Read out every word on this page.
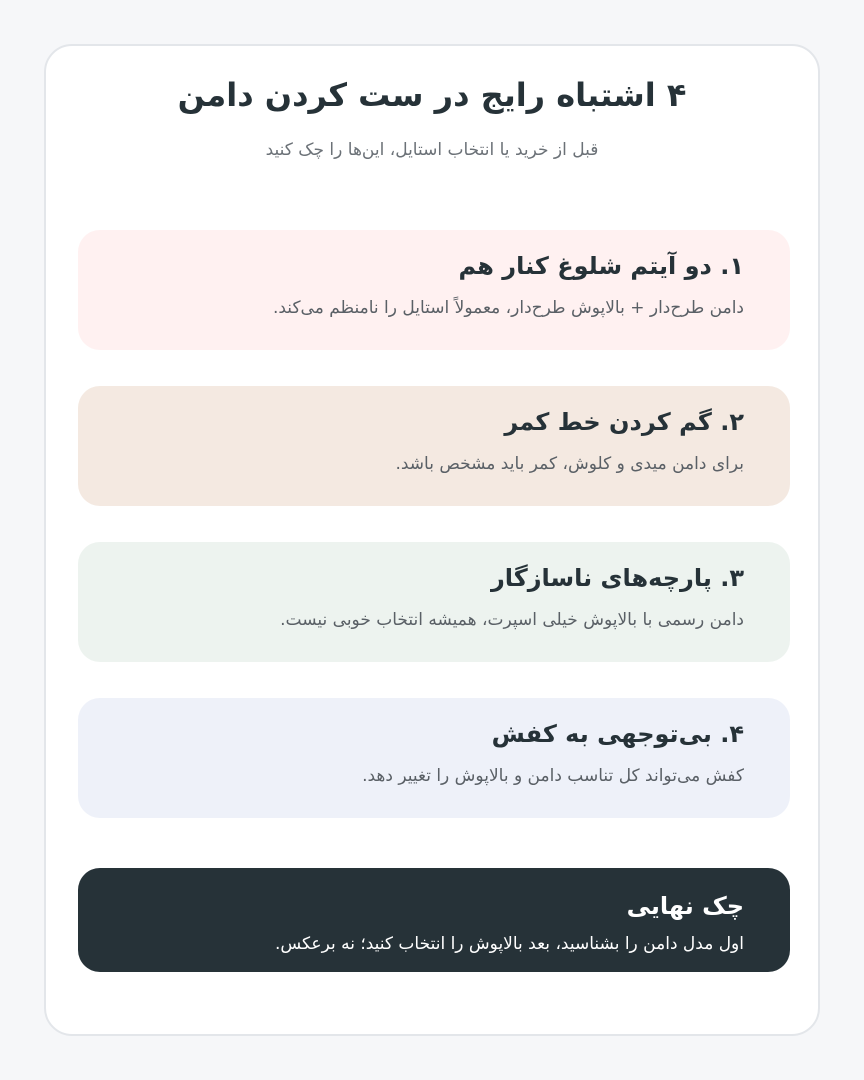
۴ اشتباه رایج در ست کردن دامن
قبل از خرید یا انتخاب استایل، این‌ها را چک کنید
۱. دو آیتم شلوغ کنار هم
دامن طرح‌دار + بالاپوش طرح‌دار، معمولاً استایل را نامنظم می‌کند.
۲. گم کردن خط کمر
برای دامن میدی و کلوش، کمر باید مشخص باشد.
۳. پارچه‌های ناسازگار
دامن رسمی با بالاپوش خیلی اسپرت، همیشه انتخاب خوبی نیست.
۴. بی‌توجهی به کفش
کفش می‌تواند کل تناسب دامن و بالاپوش را تغییر دهد.
چک نهایی
اول مدل دامن را بشناسید، بعد بالاپوش را انتخاب کنید؛ نه برعکس.
